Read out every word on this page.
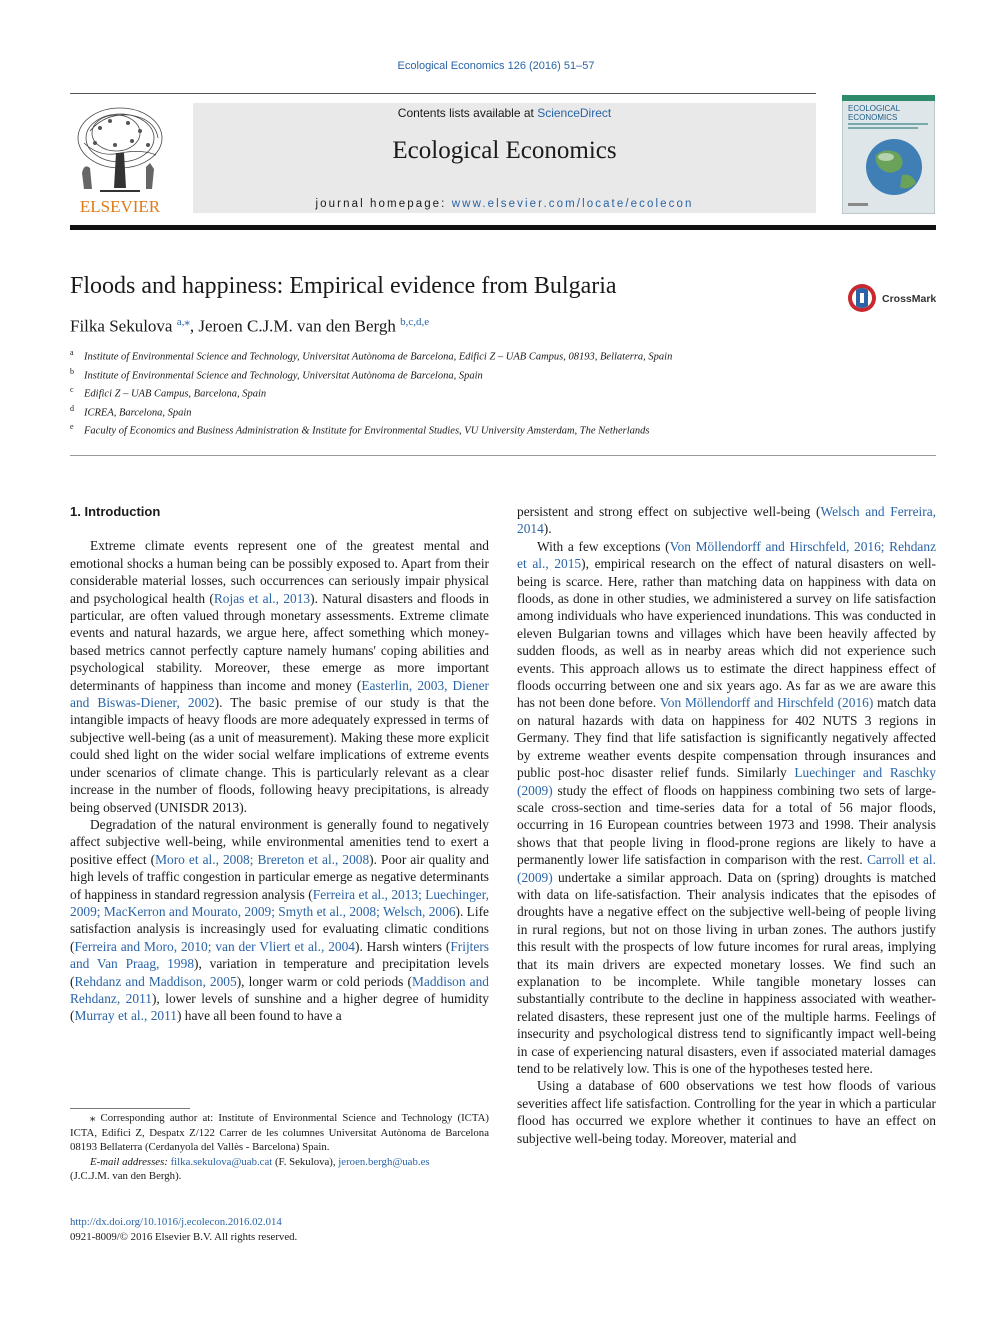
Ecological Economics 126 (2016) 51–57
ELSEVIER
Contents lists available at ScienceDirect
Ecological Economics
journal homepage: www.elsevier.com/locate/ecolecon
ECOLOGICAL
ECONOMICS
Floods and happiness: Empirical evidence from Bulgaria	CrossMark
Filka Sekulova $^{a,⁎}$, Jeroen C.J.M. van den Bergh $^{b,c,d,e}$
$^a$ Institute of Environmental Science and Technology, Universitat Autònoma de Barcelona, Edifici Z – UAB Campus, 08193, Bellaterra, Spain
$^b$ Institute of Environmental Science and Technology, Universitat Autònoma de Barcelona, Spain
$^c$ Edifici Z – UAB Campus, Barcelona, Spain
$^d$ ICREA, Barcelona, Spain
$^e$ Faculty of Economics and Business Administration & Institute for Environmental Studies, VU University Amsterdam, The Netherlands
1. Introduction

Extreme climate events represent one of the greatest mental and emotional shocks a human being can be possibly exposed to. Apart from their considerable material losses, such occurrences can seriously impair physical and psychological health (Rojas et al., 2013). Natural disasters and floods in particular, are often valued through monetary assessments. Extreme climate events and natural hazards, we argue here, affect something which money-based metrics cannot perfectly capture namely humans' coping abilities and psychological stability. Moreover, these emerge as more important determinants of happiness than income and money (Easterlin, 2003, Diener and Biswas-Diener, 2002). The basic premise of our study is that the intangible impacts of heavy floods are more adequately expressed in terms of subjective well-being (as a unit of measurement). Making these more explicit could shed light on the wider social welfare implications of extreme events under scenarios of climate change. This is particularly relevant as a clear increase in the number of floods, following heavy precipitations, is already being observed (UNISDR 2013).

Degradation of the natural environment is generally found to negatively affect subjective well-being, while environmental amenities tend to exert a positive effect (Moro et al., 2008; Brereton et al., 2008). Poor air quality and high levels of traffic congestion in particular emerge as negative determinants of happiness in standard regression analysis (Ferreira et al., 2013; Luechinger, 2009; MacKerron and Mourato, 2009; Smyth et al., 2008; Welsch, 2006). Life satisfaction analysis is increasingly used for evaluating climatic conditions (Ferreira and Moro, 2010; van der Vliert et al., 2004). Harsh winters (Frijters and Van Praag, 1998), variation in temperature and precipitation levels (Rehdanz and Maddison, 2005), longer warm or cold periods (Maddison and Rehdanz, 2011), lower levels of sunshine and a higher degree of humidity (Murray et al., 2011) have all been found to have a

persistent and strong effect on subjective well-being (Welsch and Ferreira, 2014).

With a few exceptions (Von Möllendorff and Hirschfeld, 2016; Rehdanz et al., 2015), empirical research on the effect of natural disasters on well-being is scarce. Here, rather than matching data on happiness with data on floods, as done in other studies, we administered a survey on life satisfaction among individuals who have experienced inundations. This was conducted in eleven Bulgarian towns and villages which have been heavily affected by sudden floods, as well as in nearby areas which did not experience such events. This approach allows us to estimate the direct happiness effect of floods occurring between one and six years ago. As far as we are aware this has not been done before. Von Möllendorff and Hirschfeld (2016) match data on natural hazards with data on happiness for 402 NUTS 3 regions in Germany. They find that life satisfaction is significantly negatively affected by extreme weather events despite compensation through insurances and public post-hoc disaster relief funds. Similarly Luechinger and Raschky (2009) study the effect of floods on happiness combining two sets of large-scale cross-section and time-series data for a total of 56 major floods, occurring in 16 European countries between 1973 and 1998. Their analysis shows that that people living in flood-prone regions are likely to have a permanently lower life satisfaction in comparison with the rest. Carroll et al. (2009) undertake a similar approach. Data on (spring) droughts is matched with data on life-satisfaction. Their analysis indicates that the episodes of droughts have a negative effect on the subjective well-being of people living in rural regions, but not on those living in urban zones. The authors justify this result with the prospects of low future incomes for rural areas, implying that its main drivers are expected monetary losses. We find such an explanation to be incomplete. While tangible monetary losses can substantially contribute to the decline in happiness associated with weather-related disasters, these represent just one of the multiple harms. Feelings of insecurity and psychological distress tend to significantly impact well-being in case of experiencing natural disasters, even if associated material damages tend to be relatively low. This is one of the hypotheses tested here.

Using a database of 600 observations we test how floods of various severities affect life satisfaction. Controlling for the year in which a particular flood has occurred we explore whether it continues to have an effect on subjective well-being today. Moreover, material and

⁎ Corresponding author at: Institute of Environmental Science and Technology (ICTA) ICTA, Edifici Z, Despatx Z/122 Carrer de les columnes Universitat Autònoma de Barcelona 08193 Bellaterra (Cerdanyola del Vallès - Barcelona) Spain.

E-mail addresses: filka.sekulova@uab.cat (F. Sekulova), jeroen.bergh@uab.es

(J.C.J.M. van den Bergh).

http://dx.doi.org/10.1016/j.ecolecon.2016.02.014
0921-8009/© 2016 Elsevier B.V. All rights reserved.
